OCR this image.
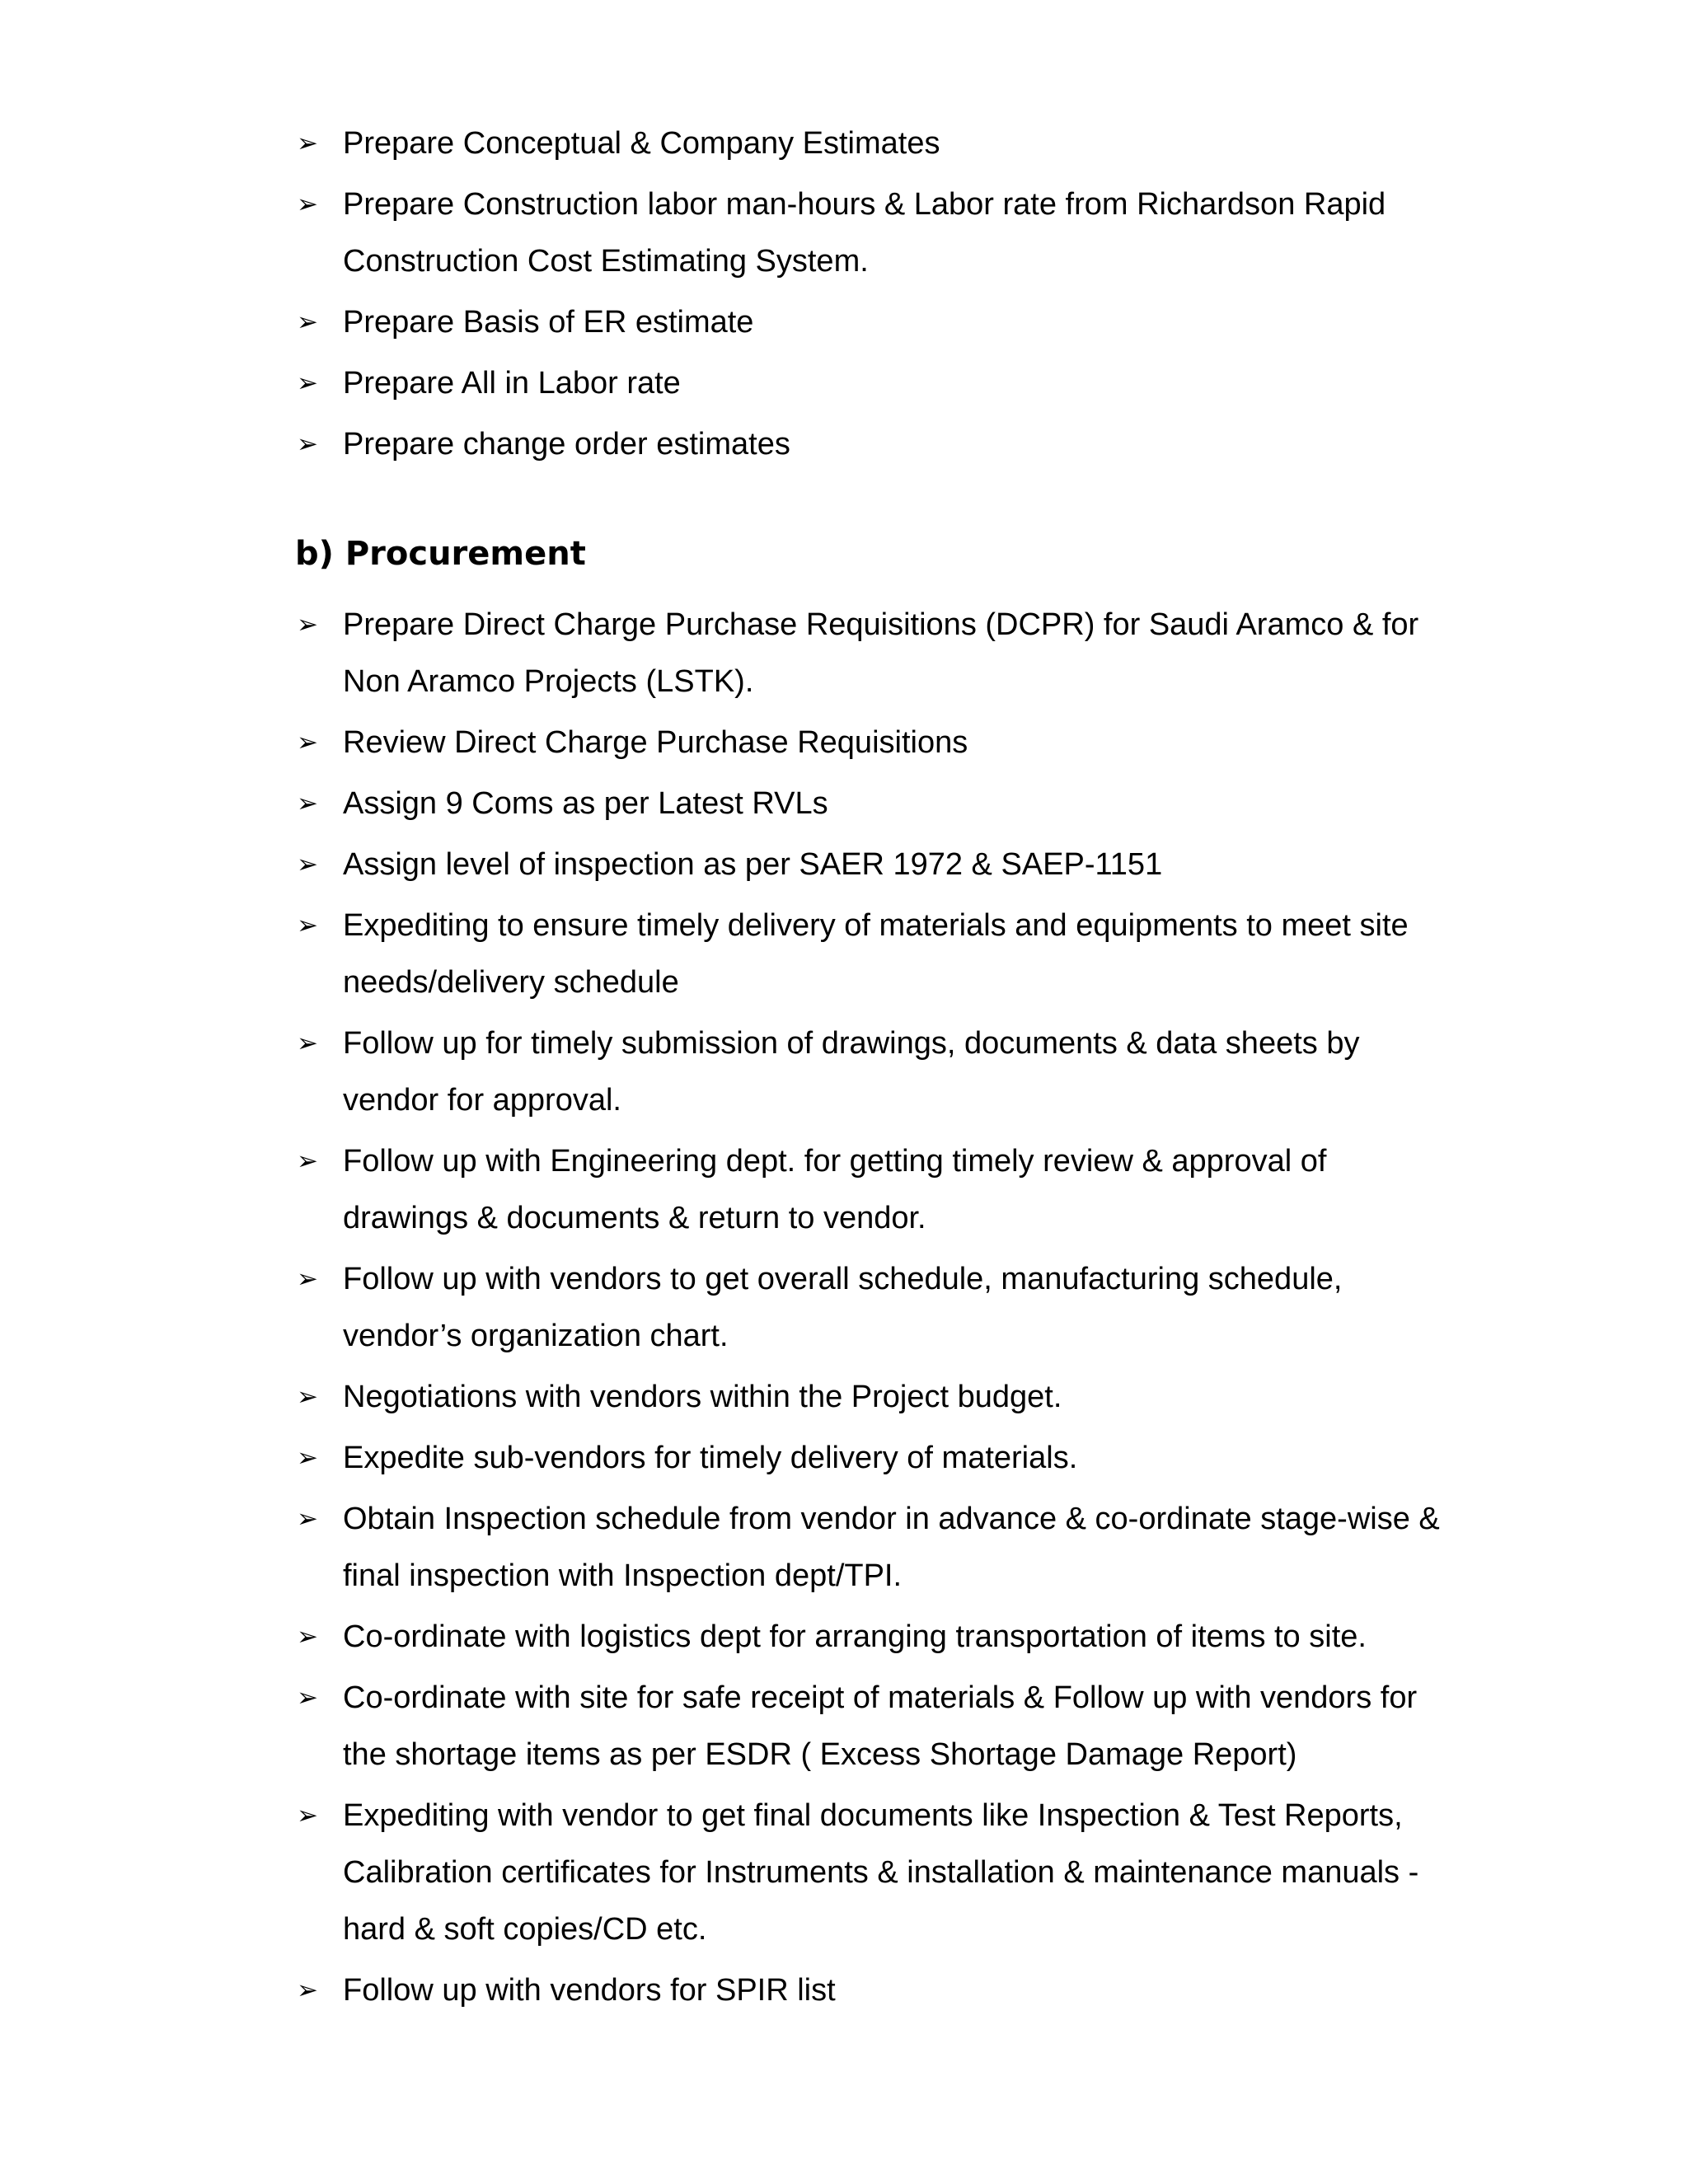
➢ Prepare Conceptual & Company Estimates
➢ Prepare Construction labor man-hours & Labor rate from Richardson Rapid Construction Cost Estimating System.
➢ Prepare Basis of ER estimate
➢ Prepare All in Labor rate
➢ Prepare change order estimates
b) Procurement
➢ Prepare Direct Charge Purchase Requisitions (DCPR) for Saudi Aramco & for Non Aramco Projects (LSTK).
➢ Review Direct Charge Purchase Requisitions
➢ Assign 9 Coms as per Latest RVLs
➢ Assign level of inspection as per SAER 1972 & SAEP-1151
➢ Expediting to ensure timely delivery of materials and equipments to meet site needs/delivery schedule
➢ Follow up for timely submission of drawings, documents & data sheets by vendor for approval.
➢ Follow up with Engineering dept. for getting timely review & approval of drawings & documents & return to vendor.
➢ Follow up with vendors to get overall schedule, manufacturing schedule, vendor’s organization chart.
➢ Negotiations with vendors within the Project budget.
➢ Expedite sub-vendors for timely delivery of materials.
➢ Obtain Inspection schedule from vendor in advance & co-ordinate stage-wise & final inspection with Inspection dept/TPI.
➢ Co-ordinate with logistics dept for arranging transportation of items to site.
➢ Co-ordinate with site for safe receipt of materials & Follow up with vendors for the shortage items as per ESDR ( Excess Shortage Damage Report)
➢ Expediting with vendor to get final documents like Inspection & Test Reports, Calibration certificates for Instruments & installation & maintenance manuals - hard & soft copies/CD etc.
➢ Follow up with vendors for SPIR list
